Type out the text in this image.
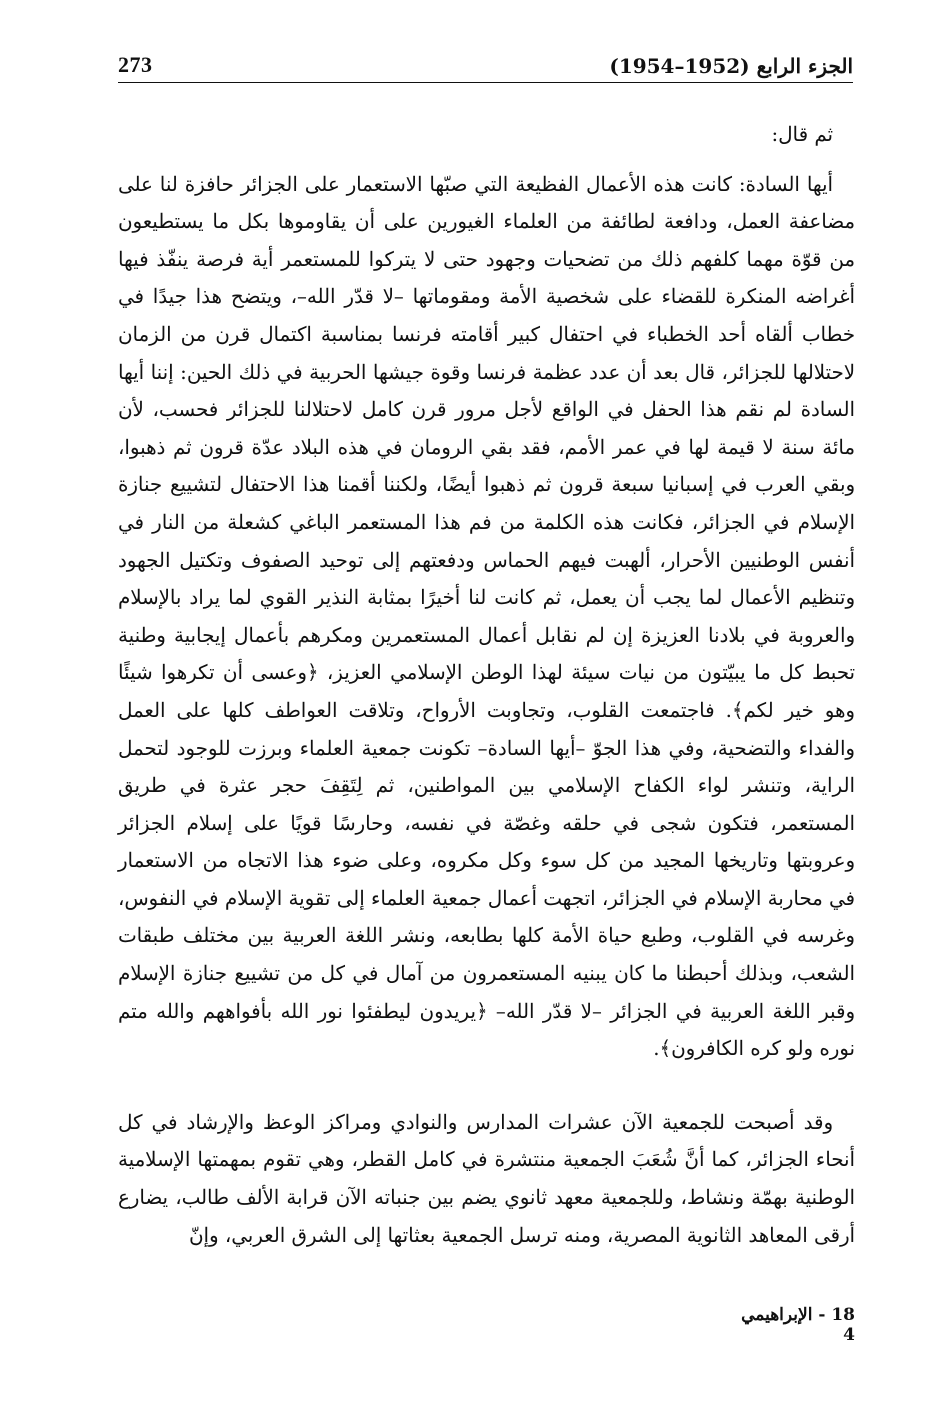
273	الجزء الرابع (1952–1954)

ثم قال:

أيها السادة: كانت هذه الأعمال الفظيعة التي صبّها الاستعمار على الجزائر حافزة لنا على مضاعفة العمل، ودافعة لطائفة من العلماء الغيورين على أن يقاوموها بكل ما يستطيعون من قوّة مهما كلفهم ذلك من تضحيات وجهود حتى لا يتركوا للمستعمر أية فرصة ينفّذ فيها أغراضه المنكرة للقضاء على شخصية الأمة ومقوماتها –لا قدّر الله–، ويتضح هذا جيدًا في خطاب ألقاه أحد الخطباء في احتفال كبير أقامته فرنسا بمناسبة اكتمال قرن من الزمان لاحتلالها للجزائر، قال بعد أن عدد عظمة فرنسا وقوة جيشها الحربية في ذلك الحين: إننا أيها السادة لم نقم هذا الحفل في الواقع لأجل مرور قرن كامل لاحتلالنا للجزائر فحسب، لأن مائة سنة لا قيمة لها في عمر الأمم، فقد بقي الرومان في هذه البلاد عدّة قرون ثم ذهبوا، وبقي العرب في إسبانيا سبعة قرون ثم ذهبوا أيضًا، ولكننا أقمنا هذا الاحتفال لتشييع جنازة الإسلام في الجزائر، فكانت هذه الكلمة من فم هذا المستعمر الباغي كشعلة من النار في أنفس الوطنيين الأحرار، ألهبت فيهم الحماس ودفعتهم إلى توحيد الصفوف وتكتيل الجهود وتنظيم الأعمال لما يجب أن يعمل، ثم كانت لنا أخيرًا بمثابة النذير القوي لما يراد بالإسلام والعروبة في بلادنا العزيزة إن لم نقابل أعمال المستعمرين ومكرهم بأعمال إيجابية وطنية تحبط كل ما يبيّتون من نيات سيئة لهذا الوطن الإسلامي العزيز، ﴿وعسى أن تكرهوا شيئًا وهو خير لكم﴾. فاجتمعت القلوب، وتجاوبت الأرواح، وتلاقت العواطف كلها على العمل والفداء والتضحية، وفي هذا الجوّ –أيها السادة– تكونت جمعية العلماء وبرزت للوجود لتحمل الراية، وتنشر لواء الكفاح الإسلامي بين المواطنين، ثم لِتَقِفَ حجر عثرة في طريق المستعمر، فتكون شجى في حلقه وغصّة في نفسه، وحارسًا قويًا على إسلام الجزائر وعروبتها وتاريخها المجيد من كل سوء وكل مكروه، وعلى ضوء هذا الاتجاه من الاستعمار في محاربة الإسلام في الجزائر، اتجهت أعمال جمعية العلماء إلى تقوية الإسلام في النفوس، وغرسه في القلوب، وطبع حياة الأمة كلها بطابعه، ونشر اللغة العربية بين مختلف طبقات الشعب، وبذلك أحبطنا ما كان يبنيه المستعمرون من آمال في كل من تشييع جنازة الإسلام وقبر اللغة العربية في الجزائر –لا قدّر الله– ﴿يريدون ليطفئوا نور الله بأفواههم والله متم نوره ولو كره الكافرون﴾.

وقد أصبحت للجمعية الآن عشرات المدارس والنوادي ومراكز الوعظ والإرشاد في كل أنحاء الجزائر، كما أنَّ شُعَبَ الجمعية منتشرة في كامل القطر، وهي تقوم بمهمتها الإسلامية الوطنية بهمّة ونشاط، وللجمعية معهد ثانوي يضم بين جنباته الآن قرابة الألف طالب، يضارع أرقى المعاهد الثانوية المصرية، ومنه ترسل الجمعية بعثاتها إلى الشرق العربي، وإنّ

18 - الإبراهيمي 4
